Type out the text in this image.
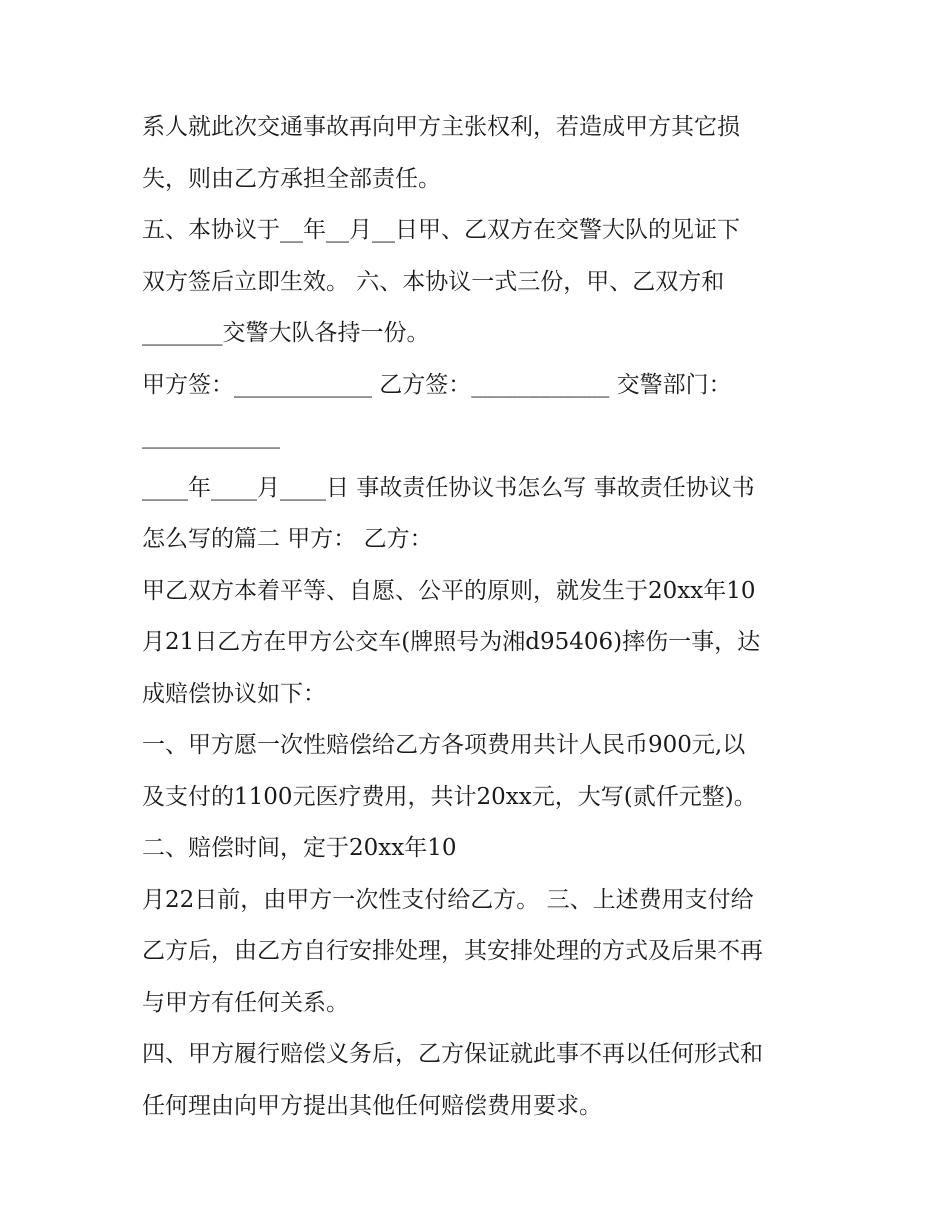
系人就此次交通事故再向甲方主张权利，若造成甲方其它损
失，则由乙方承担全部责任。
五、本协议于__年__月__日甲、乙双方在交警大队的见证下
双方签后立即生效。 六、本协议一式三份，甲、乙双方和
_______交警大队各持一份。
甲方签：____________ 乙方签：____________ 交警部门：
____________
____年____月____日 事故责任协议书怎么写 事故责任协议书
怎么写的篇二 甲方： 乙方：
甲乙双方本着平等、自愿、公平的原则，就发生于20xx年10
月21日乙方在甲方公交车(牌照号为湘d95406)摔伤一事，达
成赔偿协议如下：
一、甲方愿一次性赔偿给乙方各项费用共计人民币900元,以
及支付的1100元医疗费用，共计20xx元，大写(贰仟元整)。
二、赔偿时间，定于20xx年10
月22日前，由甲方一次性支付给乙方。 三、上述费用支付给
乙方后，由乙方自行安排处理，其安排处理的方式及后果不再
与甲方有任何关系。
四、甲方履行赔偿义务后，乙方保证就此事不再以任何形式和
任何理由向甲方提出其他任何赔偿费用要求。
